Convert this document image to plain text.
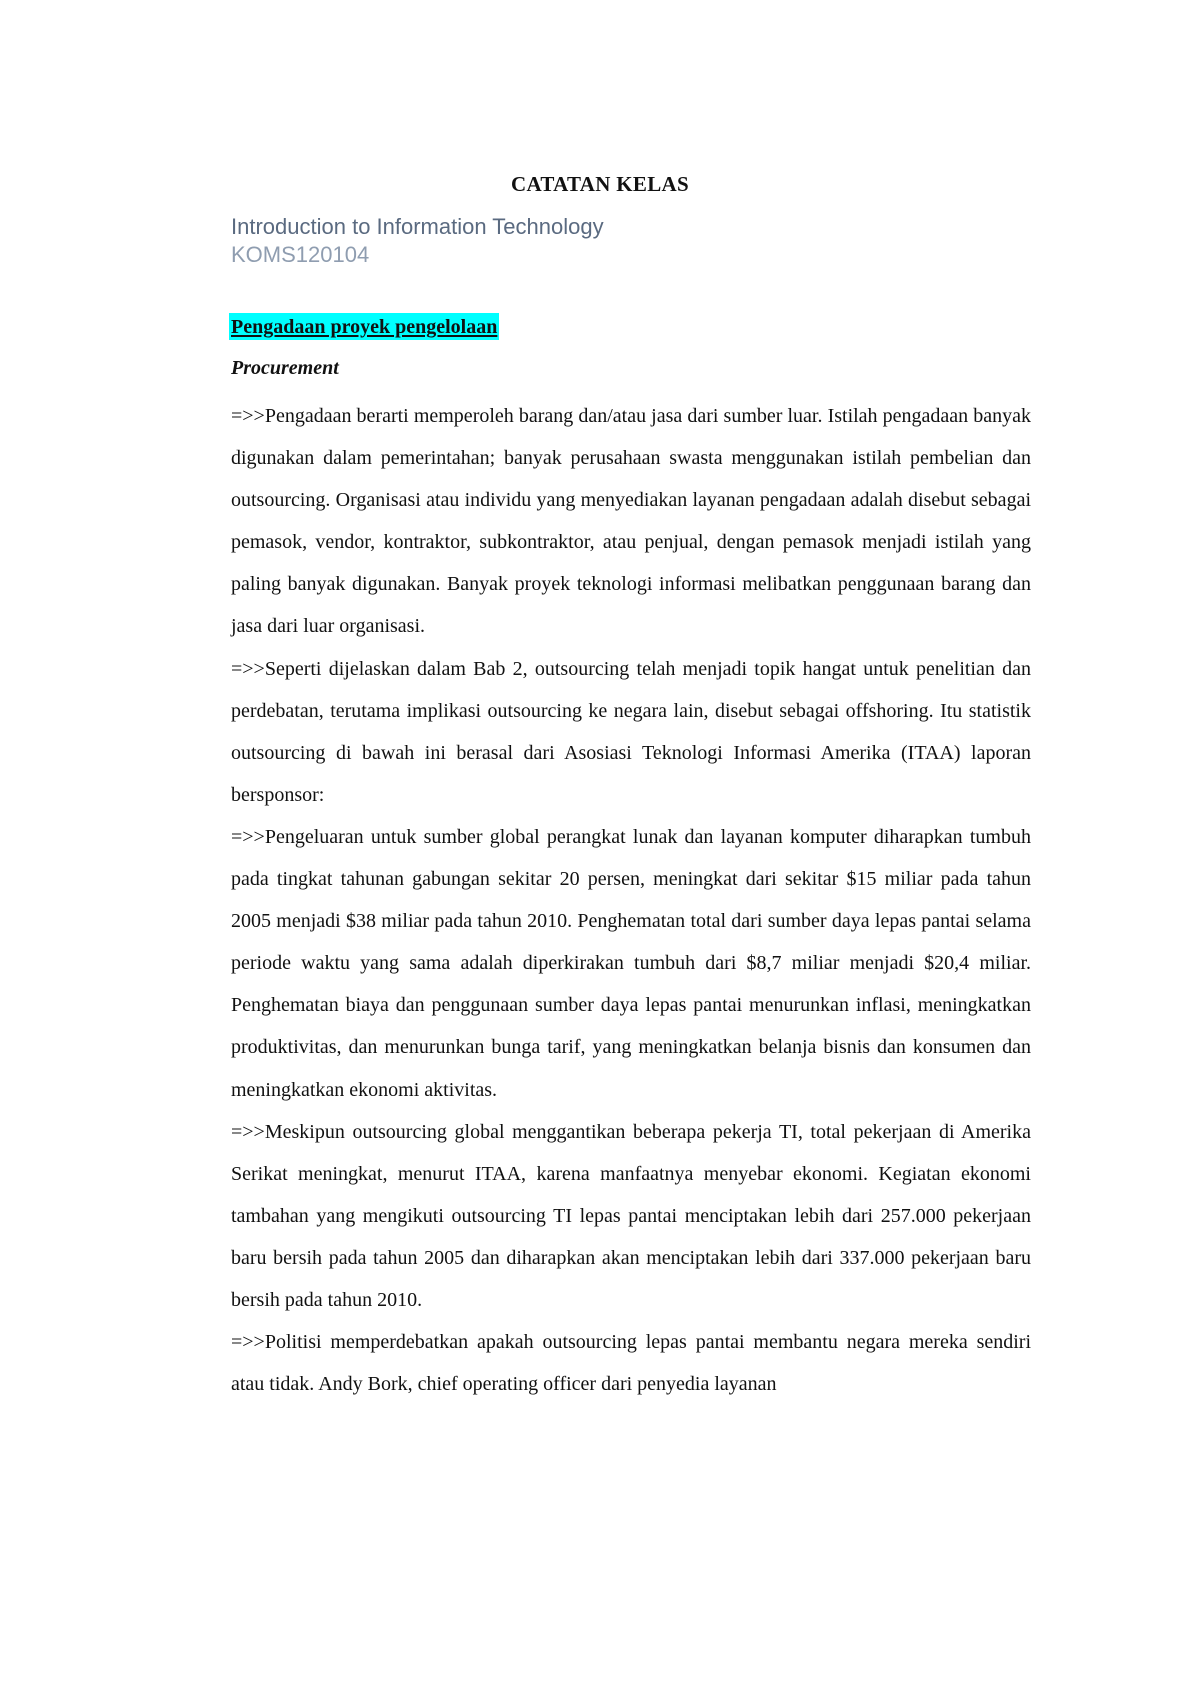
CATATAN KELAS
Introduction to Information Technology
KOMS120104
Pengadaan proyek pengelolaan
Procurement

=>>Pengadaan berarti memperoleh barang dan/atau jasa dari sumber luar. Istilah pengadaan banyak digunakan dalam pemerintahan; banyak perusahaan swasta menggunakan istilah pembelian dan outsourcing. Organisasi atau individu yang menyediakan layanan pengadaan adalah disebut sebagai pemasok, vendor, kontraktor, subkontraktor, atau penjual, dengan pemasok menjadi istilah yang paling banyak digunakan. Banyak proyek teknologi informasi melibatkan penggunaan barang dan jasa dari luar organisasi.

=>>Seperti dijelaskan dalam Bab 2, outsourcing telah menjadi topik hangat untuk penelitian dan perdebatan, terutama implikasi outsourcing ke negara lain, disebut sebagai offshoring. Itu statistik outsourcing di bawah ini berasal dari Asosiasi Teknologi Informasi Amerika (ITAA) laporan bersponsor:

=>>Pengeluaran untuk sumber global perangkat lunak dan layanan komputer diharapkan tumbuh pada tingkat tahunan gabungan sekitar 20 persen, meningkat dari sekitar $15 miliar pada tahun 2005 menjadi $38 miliar pada tahun 2010. Penghematan total dari sumber daya lepas pantai selama periode waktu yang sama adalah diperkirakan tumbuh dari $8,7 miliar menjadi $20,4 miliar. Penghematan biaya dan penggunaan sumber daya lepas pantai menurunkan inflasi, meningkatkan produktivitas, dan menurunkan bunga tarif, yang meningkatkan belanja bisnis dan konsumen dan meningkatkan ekonomi aktivitas.

=>>Meskipun outsourcing global menggantikan beberapa pekerja TI, total pekerjaan di Amerika Serikat meningkat, menurut ITAA, karena manfaatnya menyebar ekonomi. Kegiatan ekonomi tambahan yang mengikuti outsourcing TI lepas pantai menciptakan lebih dari 257.000 pekerjaan baru bersih pada tahun 2005 dan diharapkan akan menciptakan lebih dari 337.000 pekerjaan baru bersih pada tahun 2010.

=>>Politisi memperdebatkan apakah outsourcing lepas pantai membantu negara mereka sendiri atau tidak. Andy Bork, chief operating officer dari penyedia layanan
